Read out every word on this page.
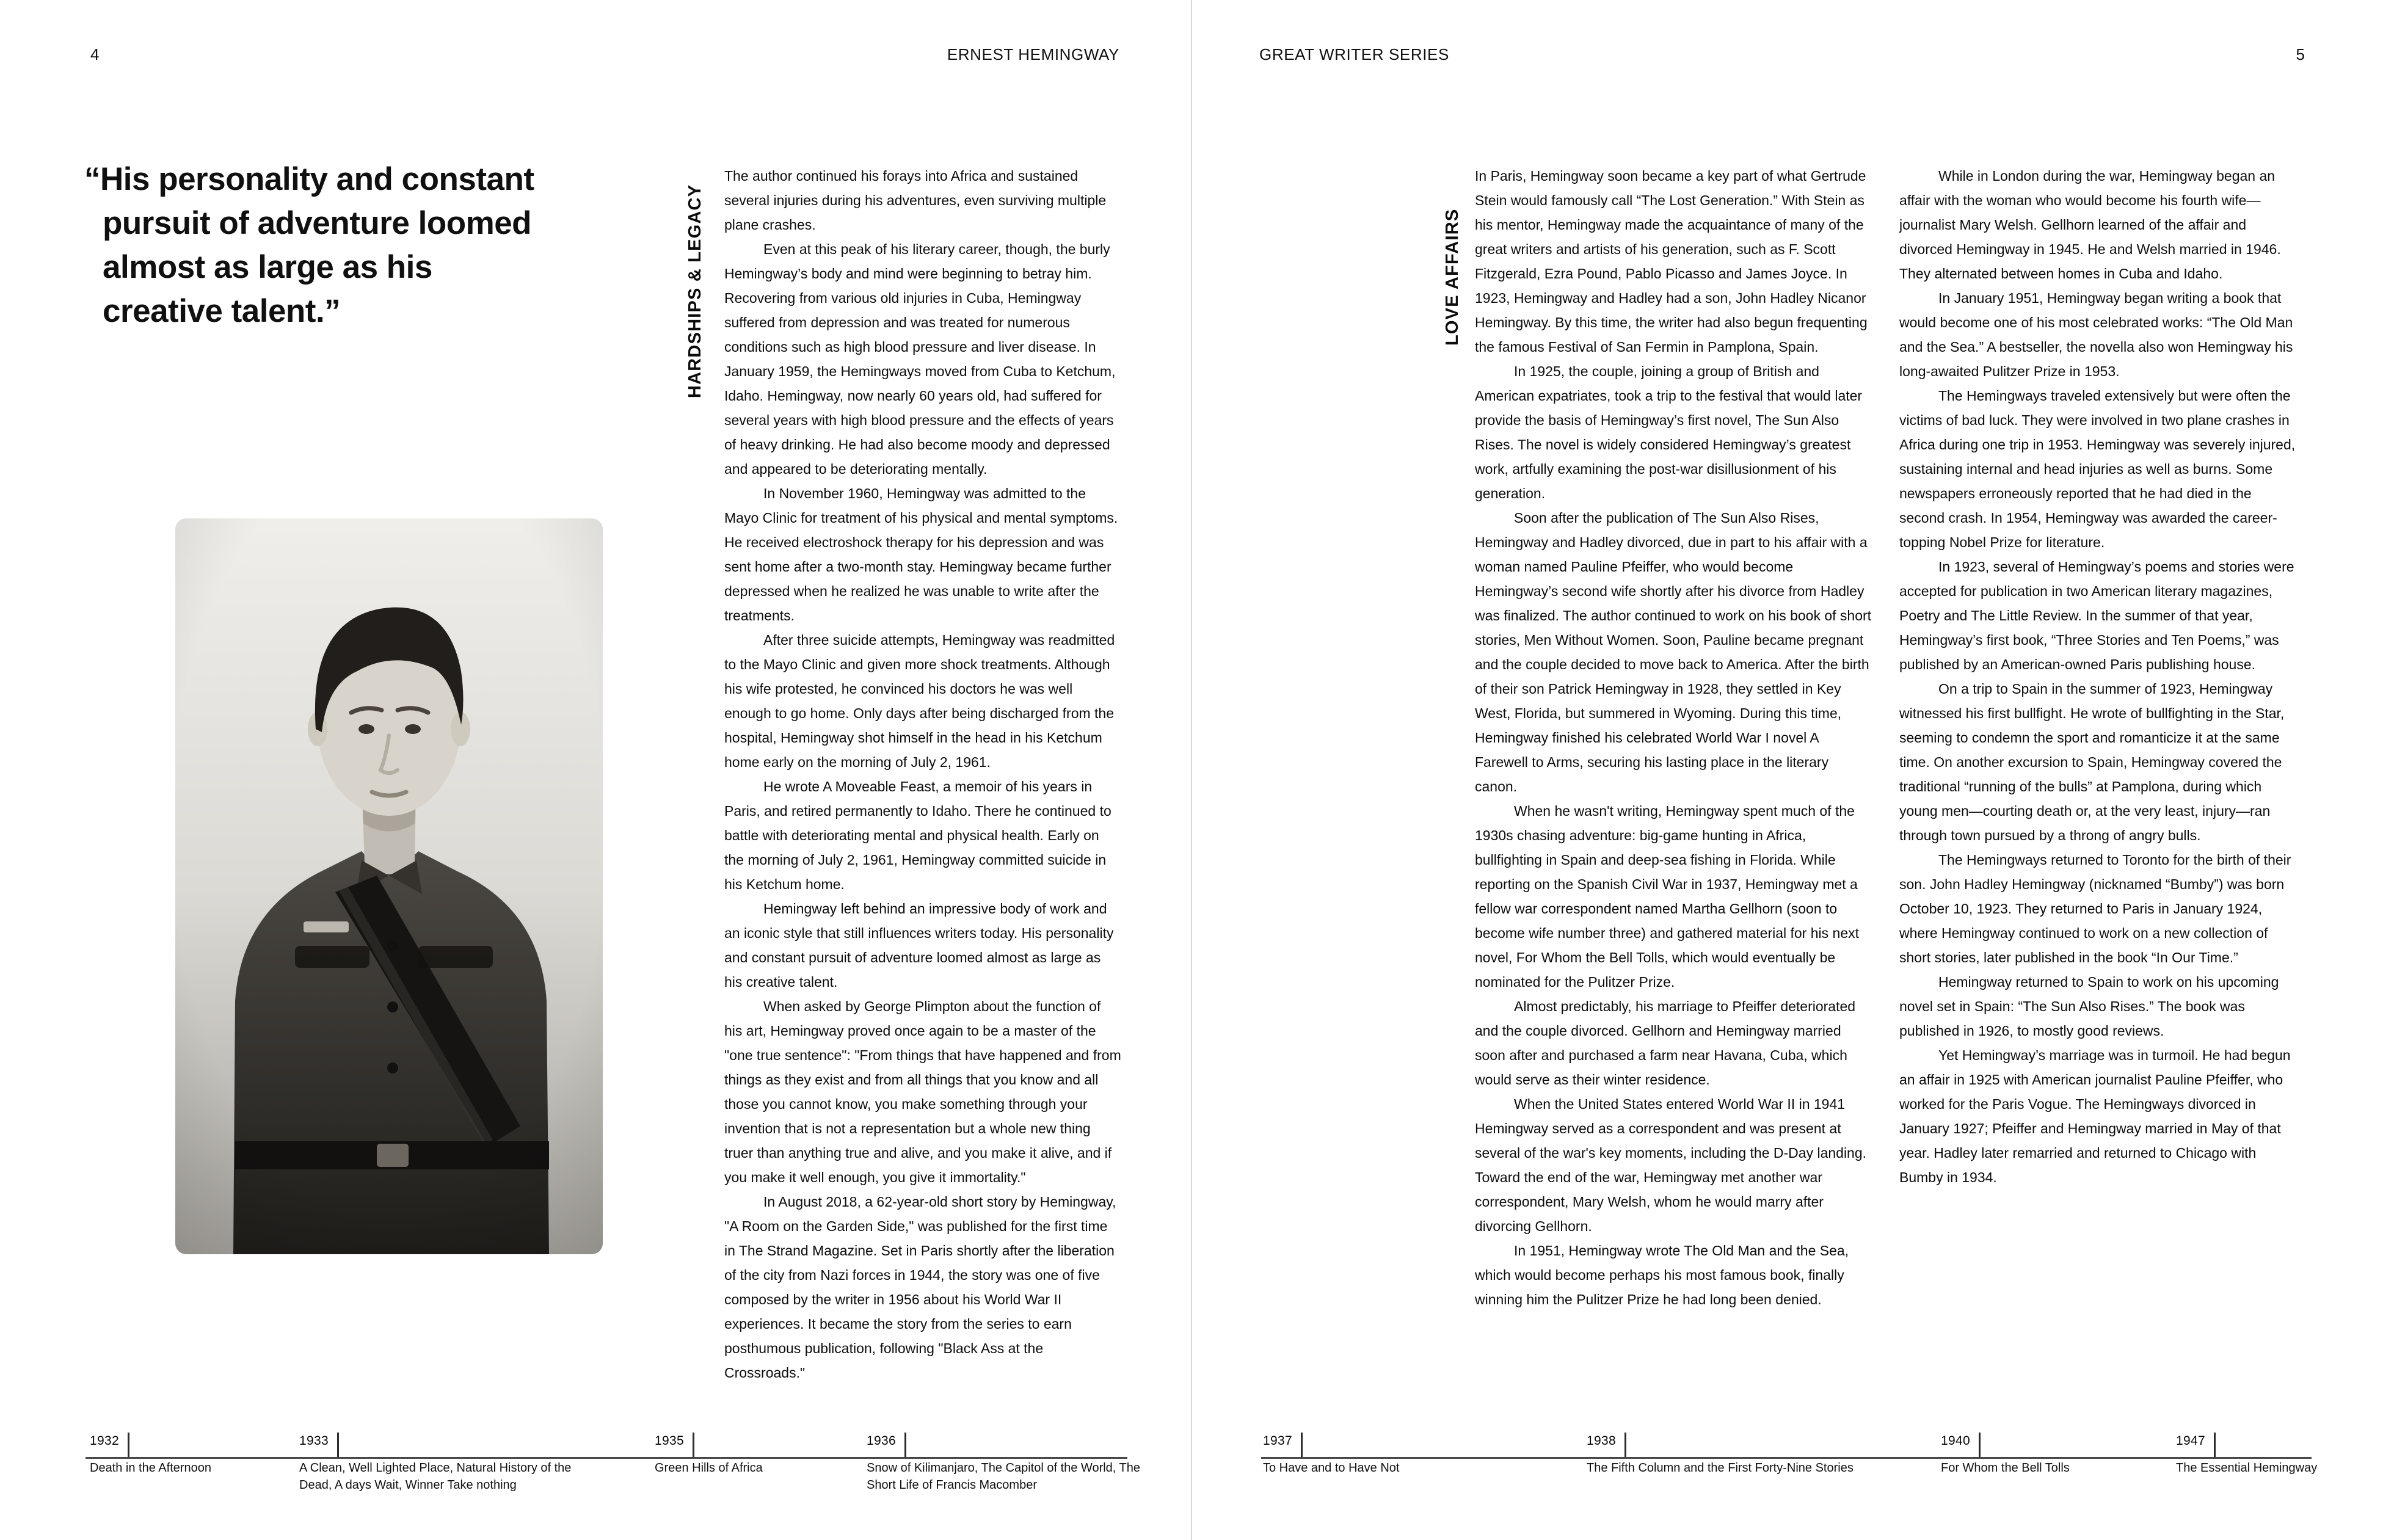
4	ERNEST HEMINGWAY
“His personality and constant
pursuit of adventure loomed
almost as large as his
creative talent.”	HARDSHIPS & LEGACY

The author continued his forays into Africa and sustained several injuries during his adventures, even surviving multiple plane crashes.

Even at this peak of his literary career, though, the burly Hemingway’s body and mind were beginning to betray him. Recovering from various old injuries in Cuba, Hemingway suffered from depression and was treated for numerous conditions such as high blood pressure and liver disease. In January 1959, the Hemingways moved from Cuba to Ketchum, Idaho. Hemingway, now nearly 60 years old, had suffered for several years with high blood pressure and the effects of years of heavy drinking. He had also become moody and depressed and appeared to be deteriorating mentally.

In November 1960, Hemingway was admitted to the Mayo Clinic for treatment of his physical and mental symptoms. He received electroshock therapy for his depression and was sent home after a two-month stay. Hemingway became further depressed when he realized he was unable to write after the treatments.

After three suicide attempts, Hemingway was readmitted to the Mayo Clinic and given more shock treatments. Although his wife protested, he convinced his doctors he was well enough to go home. Only days after being discharged from the hospital, Hemingway shot himself in the head in his Ketchum home early on the morning of July 2, 1961.

He wrote A Moveable Feast, a memoir of his years in Paris, and retired permanently to Idaho. There he continued to battle with deteriorating mental and physical health. Early on the morning of July 2, 1961, Hemingway committed suicide in his Ketchum home.

Hemingway left behind an impressive body of work and an iconic style that still influences writers today. His personality and constant pursuit of adventure loomed almost as large as his creative talent.

When asked by George Plimpton about the function of his art, Hemingway proved once again to be a master of the "one true sentence": "From things that have happened and from things as they exist and from all things that you know and all those you cannot know, you make something through your invention that is not a representation but a whole new thing truer than anything true and alive, and you make it alive, and if you make it well enough, you give it immortality."

In August 2018, a 62-year-old short story by Hemingway, "A Room on the Garden Side," was published for the first time in The Strand Magazine. Set in Paris shortly after the liberation of the city from Nazi forces in 1944, the story was one of five composed by the writer in 1956 about his World War II experiences. It became the story from the series to earn posthumous publication, following "Black Ass at the Crossroads."

GREAT WRITER SERIES	5
LOVE AFFAIRS

In Paris, Hemingway soon became a key part of what Gertrude Stein would famously call “The Lost Generation.” With Stein as his mentor, Hemingway made the acquaintance of many of the great writers and artists of his generation, such as F. Scott Fitzgerald, Ezra Pound, Pablo Picasso and James Joyce. In 1923, Hemingway and Hadley had a son, John Hadley Nicanor Hemingway. By this time, the writer had also begun frequenting the famous Festival of San Fermin in Pamplona, Spain.

In 1925, the couple, joining a group of British and American expatriates, took a trip to the festival that would later provide the basis of Hemingway’s first novel, The Sun Also Rises. The novel is widely considered Hemingway’s greatest work, artfully examining the post-war disillusionment of his generation.

Soon after the publication of The Sun Also Rises, Hemingway and Hadley divorced, due in part to his affair with a woman named Pauline Pfeiffer, who would become Hemingway’s second wife shortly after his divorce from Hadley was finalized. The author continued to work on his book of short stories, Men Without Women. Soon, Pauline became pregnant and the couple decided to move back to America. After the birth of their son Patrick Hemingway in 1928, they settled in Key West, Florida, but summered in Wyoming. During this time, Hemingway finished his celebrated World War I novel A Farewell to Arms, securing his lasting place in the literary canon.

When he wasn't writing, Hemingway spent much of the 1930s chasing adventure: big-game hunting in Africa, bullfighting in Spain and deep-sea fishing in Florida. While reporting on the Spanish Civil War in 1937, Hemingway met a fellow war correspondent named Martha Gellhorn (soon to become wife number three) and gathered material for his next novel, For Whom the Bell Tolls, which would eventually be nominated for the Pulitzer Prize.

Almost predictably, his marriage to Pfeiffer deteriorated and the couple divorced. Gellhorn and Hemingway married soon after and purchased a farm near Havana, Cuba, which would serve as their winter residence.

When the United States entered World War II in 1941 Hemingway served as a correspondent and was present at several of the war's key moments, including the D-Day landing. Toward the end of the war, Hemingway met another war correspondent, Mary Welsh, whom he would marry after divorcing Gellhorn.

In 1951, Hemingway wrote The Old Man and the Sea, which would become perhaps his most famous book, finally winning him the Pulitzer Prize he had long been denied.

While in London during the war, Hemingway began an affair with the woman who would become his fourth wife—journalist Mary Welsh. Gellhorn learned of the affair and divorced Hemingway in 1945. He and Welsh married in 1946. They alternated between homes in Cuba and Idaho.

In January 1951, Hemingway began writing a book that would become one of his most celebrated works: “The Old Man and the Sea.” A bestseller, the novella also won Hemingway his long-awaited Pulitzer Prize in 1953.

The Hemingways traveled extensively but were often the victims of bad luck. They were involved in two plane crashes in Africa during one trip in 1953. Hemingway was severely injured, sustaining internal and head injuries as well as burns. Some newspapers erroneously reported that he had died in the second crash. In 1954, Hemingway was awarded the career-topping Nobel Prize for literature.

In 1923, several of Hemingway’s poems and stories were accepted for publication in two American literary magazines, Poetry and The Little Review. In the summer of that year, Hemingway’s first book, “Three Stories and Ten Poems,” was published by an American-owned Paris publishing house.

On a trip to Spain in the summer of 1923, Hemingway witnessed his first bullfight. He wrote of bullfighting in the Star, seeming to condemn the sport and romanticize it at the same time. On another excursion to Spain, Hemingway covered the traditional “running of the bulls” at Pamplona, during which young men—courting death or, at the very least, injury—ran through town pursued by a throng of angry bulls.

The Hemingways returned to Toronto for the birth of their son. John Hadley Hemingway (nicknamed “Bumby”) was born October 10, 1923. They returned to Paris in January 1924, where Hemingway continued to work on a new collection of short stories, later published in the book “In Our Time.”

Hemingway returned to Spain to work on his upcoming novel set in Spain: “The Sun Also Rises.” The book was published in 1926, to mostly good reviews.

Yet Hemingway’s marriage was in turmoil. He had begun an affair in 1925 with American journalist Pauline Pfeiffer, who worked for the Paris Vogue. The Hemingways divorced in January 1927; Pfeiffer and Hemingway married in May of that year. Hadley later remarried and returned to Chicago with Bumby in 1934.

1932
Death in the Afternoon
1933
A Clean, Well Lighted Place, Natural History of the Dead, A days Wait, Winner Take nothing
1935
Green Hills of Africa
1936
Snow of Kilimanjaro, The Capitol of the World, The Short Life of Francis Macomber
1937
To Have and to Have Not
1938
The Fifth Column and the First Forty-Nine Stories
1940
For Whom the Bell Tolls
1947
The Essential Hemingway
